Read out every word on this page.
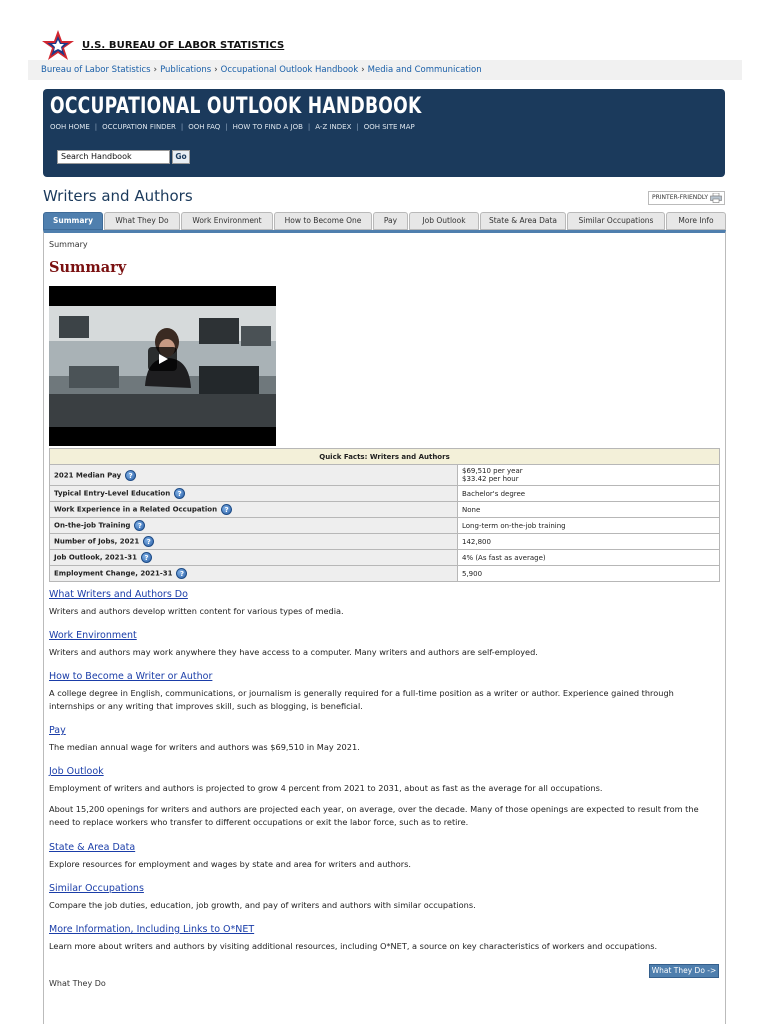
U.S. BUREAU OF LABOR STATISTICS
Bureau of Labor Statistics › Publications › Occupational Outlook Handbook › Media and Communication
OCCUPATIONAL OUTLOOK HANDBOOK
OOH HOME | OCCUPATION FINDER | OOH FAQ | HOW TO FIND A JOB | A-Z INDEX | OOH SITE MAP
Search Handbook	Go
Writers and Authors	PRINTER-FRIENDLY
Summary	What They Do	Work Environment	How to Become One	Pay	Job Outlook	State & Area Data	Similar Occupations	More Info
Summary
Summary
Quick Facts: Writers and Authors	
2021 Median Pay ?	$69,510 per year
$33.42 per hour

Typical Entry-Level Education ?	Bachelor's degree
Work Experience in a Related Occupation ?	None
On-the-job Training ?	Long-term on-the-job training
Number of Jobs, 2021 ?	142,800
Job Outlook, 2021-31 ?	4% (As fast as average)
Employment Change, 2021-31 ?	5,900
What Writers and Authors Do

Writers and authors develop written content for various types of media.

Work Environment

Writers and authors may work anywhere they have access to a computer. Many writers and authors are self-employed.

How to Become a Writer or Author

A college degree in English, communications, or journalism is generally required for a full-time position as a writer or author. Experience gained through internships or any writing that improves skill, such as blogging, is beneficial.

Pay

The median annual wage for writers and authors was $69,510 in May 2021.

Job Outlook

Employment of writers and authors is projected to grow 4 percent from 2021 to 2031, about as fast as the average for all occupations.

About 15,200 openings for writers and authors are projected each year, on average, over the decade. Many of those openings are expected to result from the need to replace workers who transfer to different occupations or exit the labor force, such as to retire.

State & Area Data

Explore resources for employment and wages by state and area for writers and authors.

Similar Occupations

Compare the job duties, education, job growth, and pay of writers and authors with similar occupations.

More Information, Including Links to O*NET

Learn more about writers and authors by visiting additional resources, including O*NET, a source on key characteristics of workers and occupations.

What They Do ->
What They Do
